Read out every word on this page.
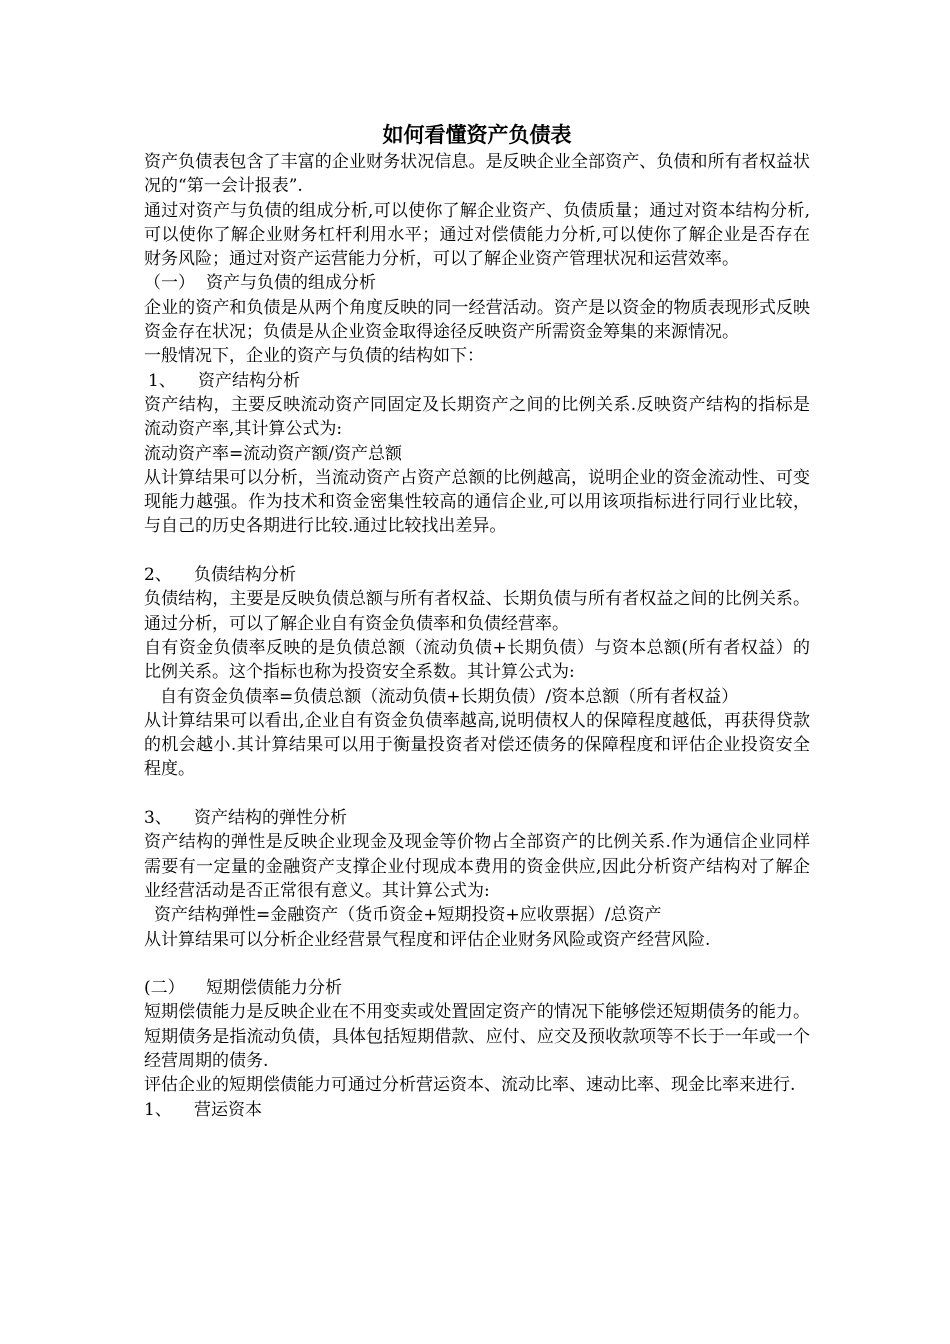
如何看懂资产负债表

资产负债表包含了丰富的企业财务状况信息。是反映企业全部资产、负债和所有者权益状况的“第一会计报表”.

通过对资产与负债的组成分析,可以使你了解企业资产、负债质量；通过对资本结构分析,可以使你了解企业财务杠杆利用水平；通过对偿债能力分析,可以使你了解企业是否存在财务风险；通过对资产运营能力分析，可以了解企业资产管理状况和运营效率。

（一） 资产与负债的组成分析

企业的资产和负债是从两个角度反映的同一经营活动。资产是以资金的物质表现形式反映资金存在状况；负债是从企业资金取得途径反映资产所需资金筹集的来源情况。

一般情况下，企业的资产与负债的结构如下：

1、 资产结构分析

资产结构，主要反映流动资产同固定及长期资产之间的比例关系.反映资产结构的指标是流动资产率,其计算公式为:

流动资产率=流动资产额/资产总额

从计算结果可以分析，当流动资产占资产总额的比例越高，说明企业的资金流动性、可变现能力越强。作为技术和资金密集性较高的通信企业,可以用该项指标进行同行业比较，与自己的历史各期进行比较.通过比较找出差异。

2、 负债结构分析

负债结构，主要是反映负债总额与所有者权益、长期负债与所有者权益之间的比例关系。通过分析，可以了解企业自有资金负债率和负债经营率。

自有资金负债率反映的是负债总额（流动负债+长期负债）与资本总额(所有者权益）的比例关系。这个指标也称为投资安全系数。其计算公式为:

自有资金负债率=负债总额（流动负债+长期负债）/资本总额（所有者权益）

从计算结果可以看出,企业自有资金负债率越高,说明债权人的保障程度越低，再获得贷款的机会越小.其计算结果可以用于衡量投资者对偿还债务的保障程度和评估企业投资安全程度。

3、 资产结构的弹性分析

资产结构的弹性是反映企业现金及现金等价物占全部资产的比例关系.作为通信企业同样需要有一定量的金融资产支撑企业付现成本费用的资金供应,因此分析资产结构对了解企业经营活动是否正常很有意义。其计算公式为:

资产结构弹性=金融资产（货币资金+短期投资+应收票据）/总资产

从计算结果可以分析企业经营景气程度和评估企业财务风险或资产经营风险.

(二） 短期偿债能力分析

短期偿债能力是反映企业在不用变卖或处置固定资产的情况下能够偿还短期债务的能力。短期债务是指流动负债，具体包括短期借款、应付、应交及预收款项等不长于一年或一个经营周期的债务.

评估企业的短期偿债能力可通过分析营运资本、流动比率、速动比率、现金比率来进行.

1、 营运资本
